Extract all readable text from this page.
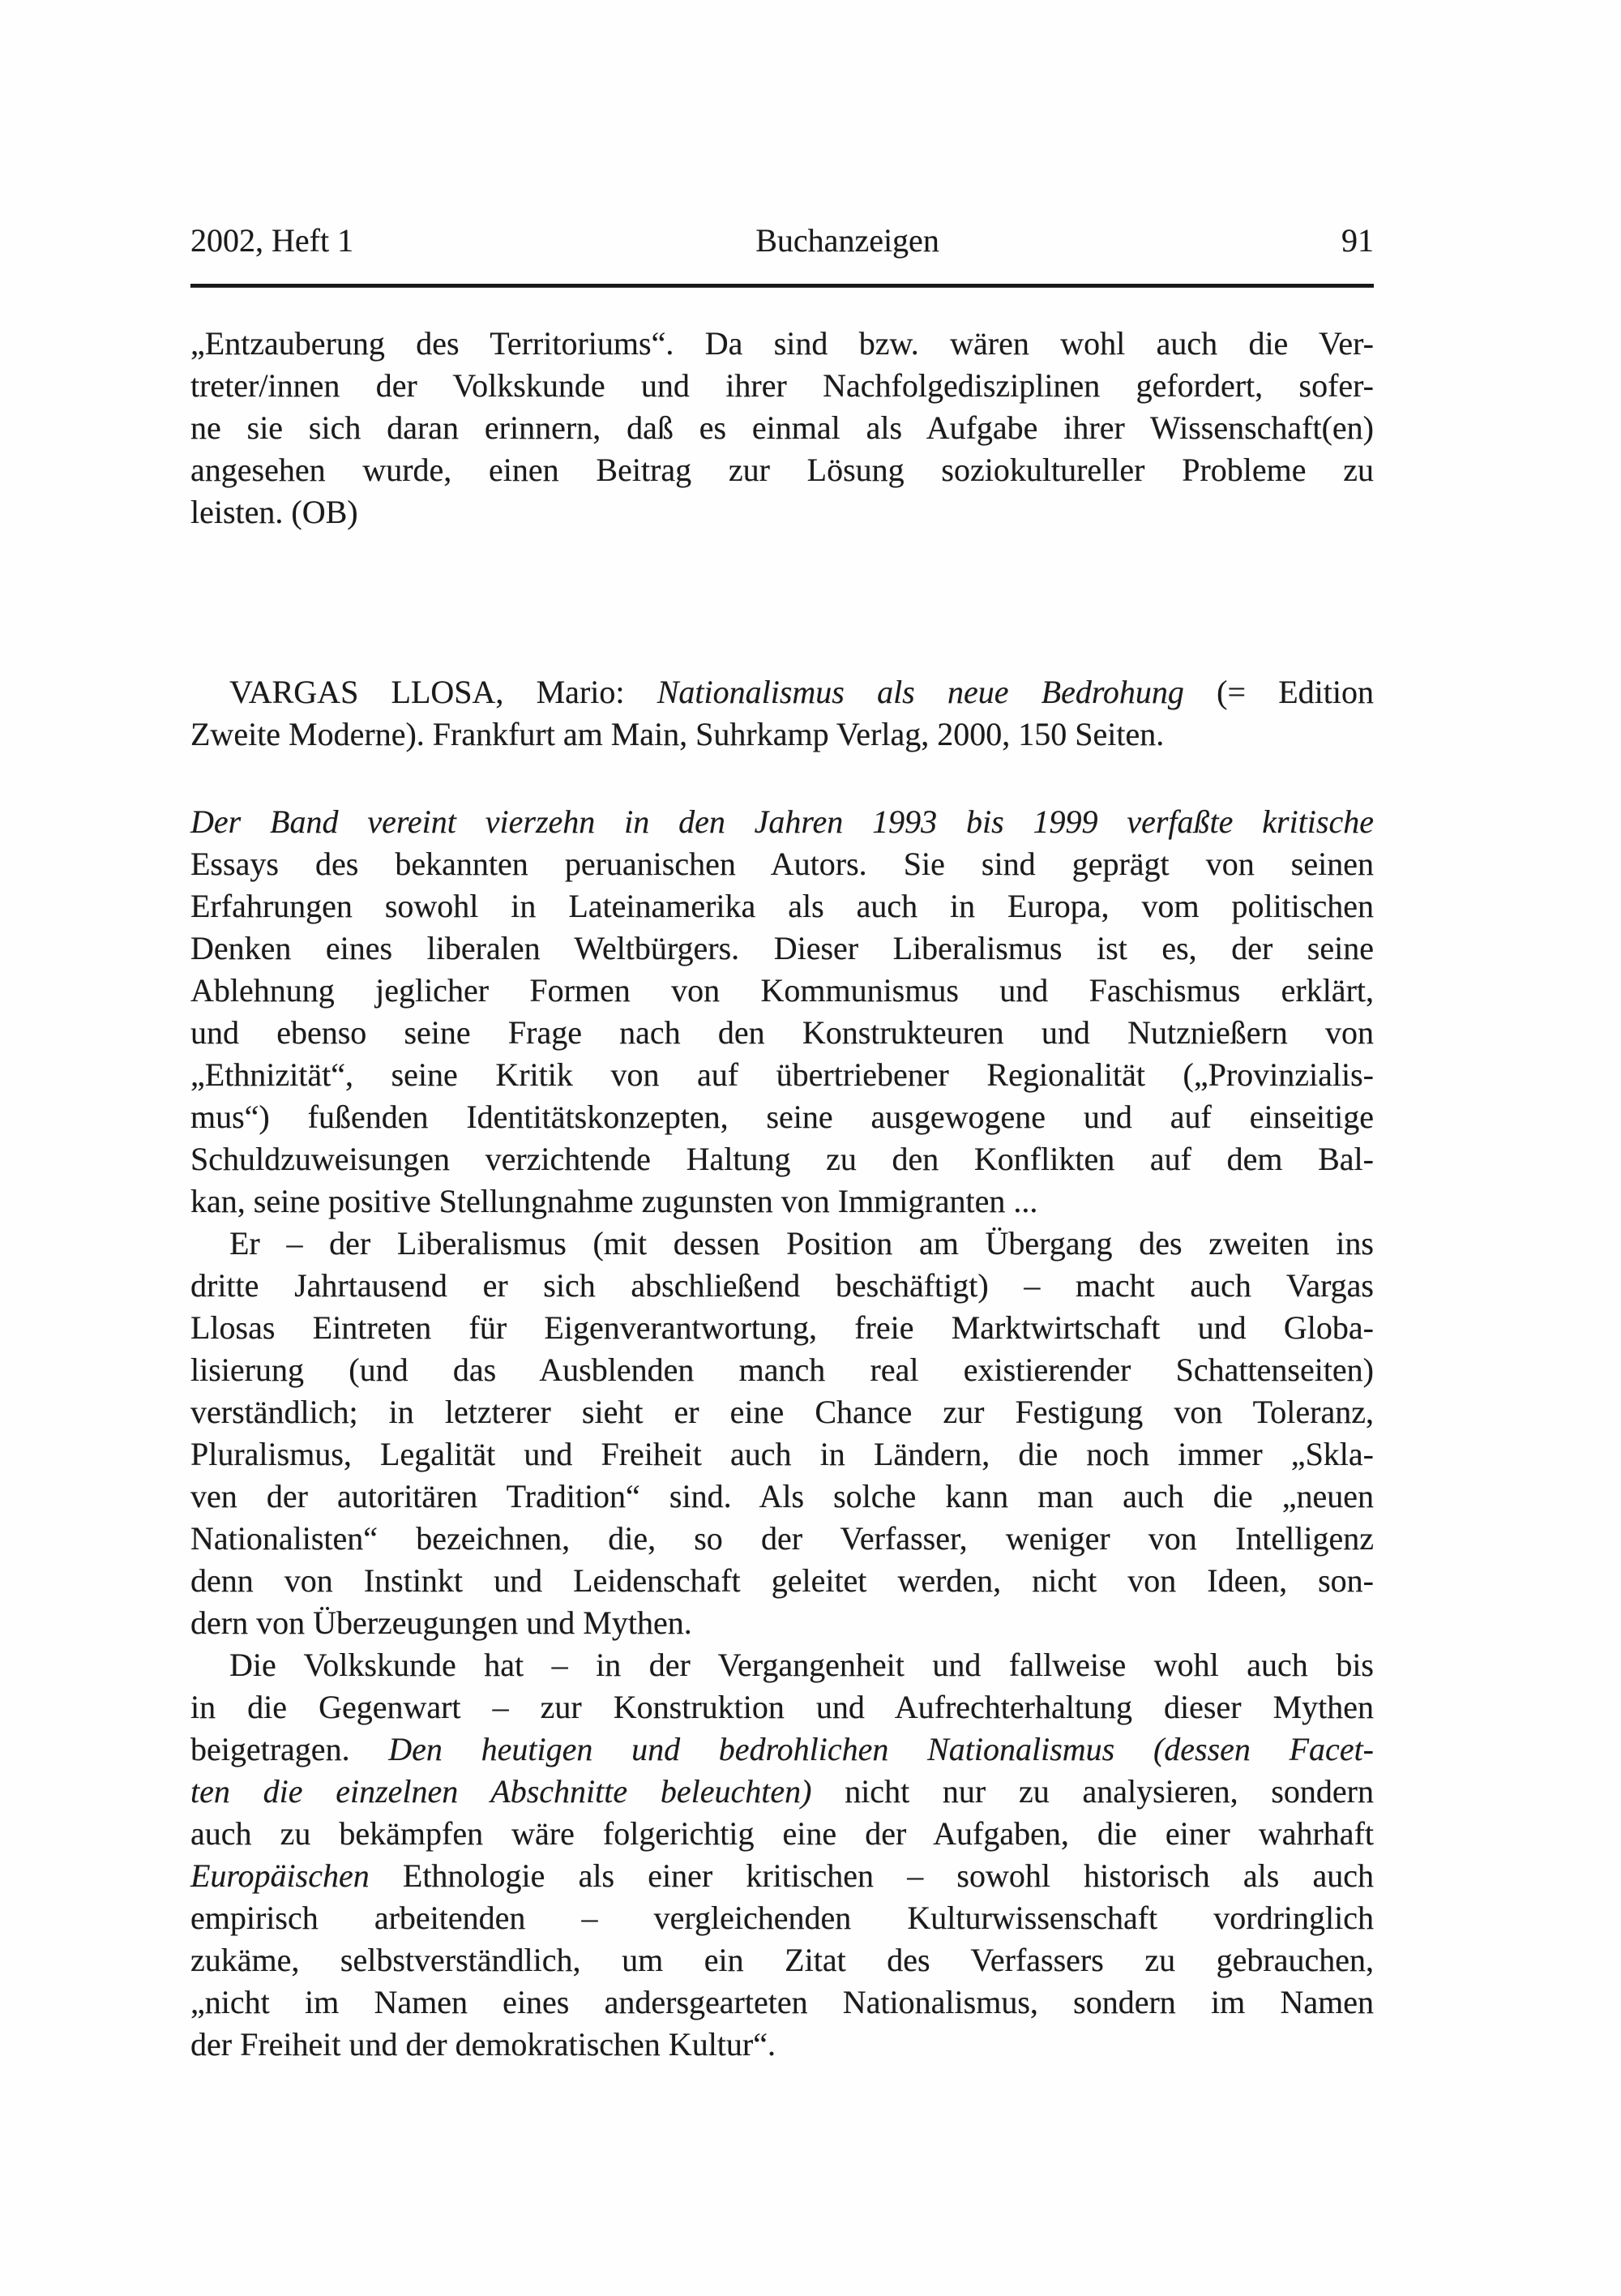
2002, Heft 1	Buchanzeigen	91
„Entzauberung des Territoriums“. Da sind bzw. wären wohl auch die Ver-
treter/innen der Volkskunde und ihrer Nachfolgedisziplinen gefordert, sofer-
ne sie sich daran erinnern, daß es einmal als Aufgabe ihrer Wissenschaft(en)
angesehen wurde, einen Beitrag zur Lösung soziokultureller Probleme zu
leisten. (OB)
VARGAS LLOSA, Mario: Nationalismus als neue Bedrohung (= Edition
Zweite Moderne). Frankfurt am Main, Suhrkamp Verlag, 2000, 150 Seiten.
Der Band vereint vierzehn in den Jahren 1993 bis 1999 verfaßte kritische
Essays des bekannten peruanischen Autors. Sie sind geprägt von seinen
Erfahrungen sowohl in Lateinamerika als auch in Europa, vom politischen
Denken eines liberalen Weltbürgers. Dieser Liberalismus ist es, der seine
Ablehnung jeglicher Formen von Kommunismus und Faschismus erklärt,
und ebenso seine Frage nach den Konstrukteuren und Nutznießern von
„Ethnizität“, seine Kritik von auf übertriebener Regionalität („Provinzialis-
mus“) fußenden Identitätskonzepten, seine ausgewogene und auf einseitige
Schuldzuweisungen verzichtende Haltung zu den Konflikten auf dem Bal-
kan, seine positive Stellungnahme zugunsten von Immigranten ...
Er – der Liberalismus (mit dessen Position am Übergang des zweiten ins
dritte Jahrtausend er sich abschließend beschäftigt) – macht auch Vargas
Llosas Eintreten für Eigenverantwortung, freie Marktwirtschaft und Globa-
lisierung (und das Ausblenden manch real existierender Schattenseiten)
verständlich; in letzterer sieht er eine Chance zur Festigung von Toleranz,
Pluralismus, Legalität und Freiheit auch in Ländern, die noch immer „Skla-
ven der autoritären Tradition“ sind. Als solche kann man auch die „neuen
Nationalisten“ bezeichnen, die, so der Verfasser, weniger von Intelligenz
denn von Instinkt und Leidenschaft geleitet werden, nicht von Ideen, son-
dern von Überzeugungen und Mythen.
Die Volkskunde hat – in der Vergangenheit und fallweise wohl auch bis
in die Gegenwart – zur Konstruktion und Aufrechterhaltung dieser Mythen
beigetragen. Den heutigen und bedrohlichen Nationalismus (dessen Facet-
ten die einzelnen Abschnitte beleuchten) nicht nur zu analysieren, sondern
auch zu bekämpfen wäre folgerichtig eine der Aufgaben, die einer wahrhaft
Europäischen Ethnologie als einer kritischen – sowohl historisch als auch
empirisch arbeitenden – vergleichenden Kulturwissenschaft vordringlich
zukäme, selbstverständlich, um ein Zitat des Verfassers zu gebrauchen,
„nicht im Namen eines andersgearteten Nationalismus, sondern im Namen
der Freiheit und der demokratischen Kultur“.
